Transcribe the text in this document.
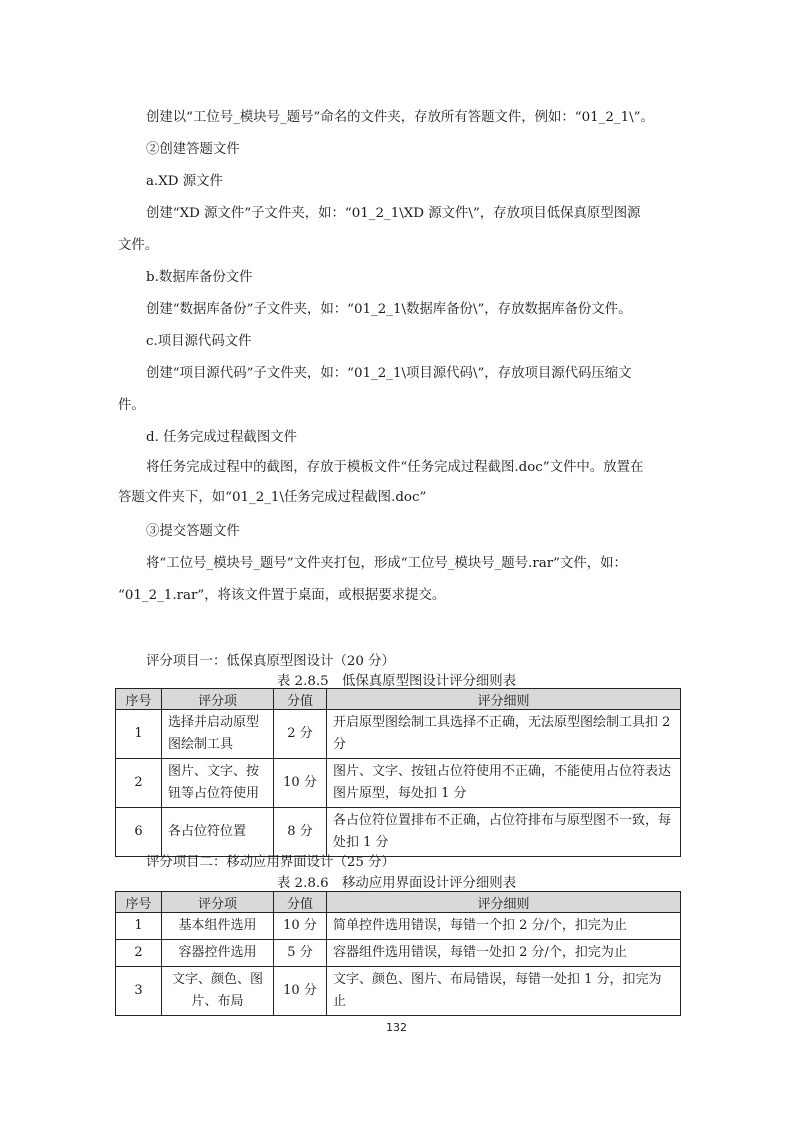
创建以“工位号_模块号_题号”命名的文件夹，存放所有答题文件，例如：“01_2_1\”。
②创建答题文件
a.XD 源文件
创建“XD 源文件”子文件夹，如：“01_2_1\XD 源文件\”，存放项目低保真原型图源
文件。
b.数据库备份文件
创建“数据库备份”子文件夹，如：“01_2_1\数据库备份\”，存放数据库备份文件。
c.项目源代码文件
创建“项目源代码”子文件夹，如：“01_2_1\项目源代码\”，存放项目源代码压缩文
件。
d. 任务完成过程截图文件
将任务完成过程中的截图，存放于模板文件“任务完成过程截图.doc”文件中。放置在
答题文件夹下，如“01_2_1\任务完成过程截图.doc”
③提交答题文件
将“工位号_模块号_题号”文件夹打包，形成“工位号_模块号_题号.rar”文件，如：
“01_2_1.rar”，将该文件置于桌面，或根据要求提交。
评分项目一：低保真原型图设计（20 分）
表 2.8.5　低保真原型图设计评分细则表
序号	评分项	分值	评分细则
1	选择并启动原型图绘制工具	2 分	开启原型图绘制工具选择不正确，无法原型图绘制工具扣 2 分
2	图片、文字、按钮等占位符使用	10 分	图片、文字、按钮占位符使用不正确，不能使用占位符表达图片原型，每处扣 1 分
6	各占位符位置	8 分	各占位符位置排布不正确，占位符排布与原型图不一致，每处扣 1 分
评分项目二：移动应用界面设计（25 分）
表 2.8.6　移动应用界面设计评分细则表
序号	评分项	分值	评分细则
1	基本组件选用	10 分	简单控件选用错误，每错一个扣 2 分/个，扣完为止
2	容器控件选用	5 分	容器组件选用错误，每错一处扣 2 分/个，扣完为止
3	文字、颜色、图片、布局	10 分	文字、颜色、图片、布局错误，每错一处扣 1 分，扣完为止
132
